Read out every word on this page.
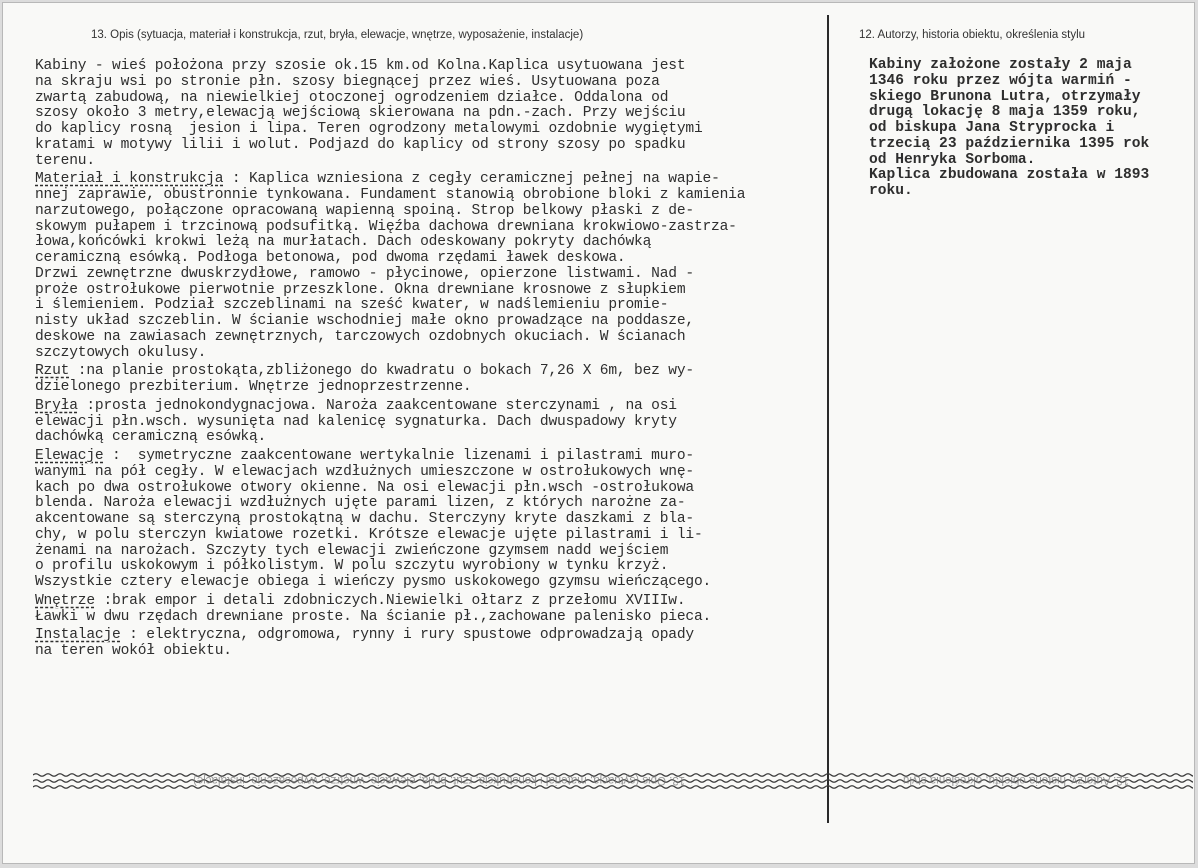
13. Opis (sytuacja, materiał i konstrukcja, rzut, bryła, elewacje, wnętrze, wyposażenie, instalacje)	12. Autorzy, historia obiektu, określenia stylu
Kabiny - wieś położona przy szosie ok.15 km.od Kolna.Kaplica usytuowana jest
na skraju wsi po stronie płn. szosy biegnącej przez wieś. Usytuowana poza
zwartą zabudową, na niewielkiej otoczonej ogrodzeniem działce. Oddalona od
szosy około 3 metry,elewacją wejściową skierowana na pdn.-zach. Przy wejściu
do kaplicy rosną  jesion i lipa. Teren ogrodzony metalowymi ozdobnie wygiętymi
kratami w motywy lilii i wolut. Podjazd do kaplicy od strony szosy po spadku
terenu.
Materiał i konstrukcja : Kaplica wzniesiona z cegły ceramicznej pełnej na wapie-
nnej zaprawie, obustronnie tynkowana. Fundament stanowią obrobione bloki z kamienia
narzutowego, połączone opracowaną wapienną spoiną. Strop belkowy płaski z de-
skowym pułapem i trzcinową podsufitką. Więźba dachowa drewniana krokwiowo-zastrza-
łowa,końcówki krokwi leżą na murłatach. Dach odeskowany pokryty dachówką
ceramiczną esówką. Podłoga betonowa, pod dwoma rzędami ławek deskowa.
Drzwi zewnętrzne dwuskrzydłowe, ramowo - płycinowe, opierzone listwami. Nad -
proże ostrołukowe pierwotnie przeszklone. Okna drewniane krosnowe z słupkiem
i ślemieniem. Podział szczeblinami na sześć kwater, w nadślemieniu promie-
nisty układ szczeblin. W ścianie wschodniej małe okno prowadzące na poddasze,
deskowe na zawiasach zewnętrznych, tarczowych ozdobnych okuciach. W ścianach
szczytowych okulusy.
Rzut :na planie prostokąta,zbliżonego do kwadratu o bokach 7,26 X 6m, bez wy-
dzielonego prezbiterium. Wnętrze jednoprzestrzenne.
Bryła :prosta jednokondygnacjowa. Naroża zaakcentowane sterczynami , na osi
elewacji płn.wsch. wysunięta nad kalenicę sygnaturka. Dach dwuspadowy kryty
dachówką ceramiczną esówką.
Elewacje :  symetryczne zaakcentowane wertykalnie lizenami i pilastrami muro-
wanymi na pół cegły. W elewacjach wzdłużnych umieszczone w ostrołukowych wnę-
kach po dwa ostrołukowe otwory okienne. Na osi elewacji płn.wsch -ostrołukowa
blenda. Naroża elewacji wzdłużnych ujęte parami lizen, z których narożne za-
akcentowane są sterczyną prostokątną w dachu. Sterczyny kryte daszkami z bla-
chy, w polu sterczyn kwiatowe rozetki. Krótsze elewacje ujęte pilastrami i li-
żenami na narożach. Szczyty tych elewacji zwieńczone gzymsem nadd wejściem
o profilu uskokowym i półkolistym. W polu szczytu wyrobiony w tynku krzyż.
Wszystkie cztery elewacje obiega i wieńczy pysmo uskokowego gzymsu wieńczącego.
Wnętrze :brak empor i detali zdobniczych.Niewielki ołtarz z przełomu XVIIIw.
Ławki w dwu rzędach drewniane proste. Na ścianie pł.,zachowane palenisko pieca.
Instalacje : elektryczna, odgromowa, rynny i rury spustowe odprowadzają opady
na teren wokół obiektu.
Kabiny założone zostały 2 maja
1346 roku przez wójta warmiń -
skiego Brunona Lutra, otrzymały
drugą lokację 8 maja 1359 roku,
od biskupa Jana Stryprocka i
trzecią 23 października 1395 rok
od Henryka Sorboma.
Kaplica zbudowana została w 1893
roku.
13. Opis (sytuacja, materiał i konstrukcja, rzut, bryła, elewacje, wnętrze, wyposażenie, instalacje)	12. Autorzy, historia obiektu, określenia stylu
